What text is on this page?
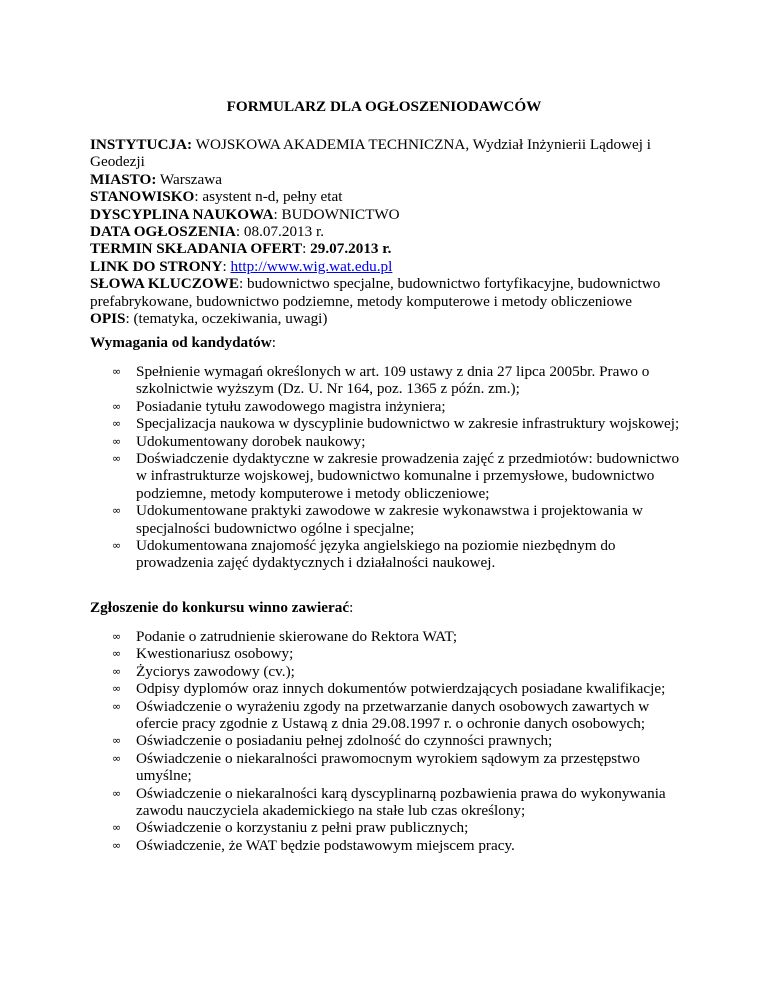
FORMULARZ DLA OGŁOSZENIODAWCÓW

INSTYTUCJA: WOJSKOWA AKADEMIA TECHNICZNA, Wydział Inżynierii Lądowej i Geodezji

MIASTO: Warszawa

STANOWISKO: asystent n-d, pełny etat

DYSCYPLINA NAUKOWA: BUDOWNICTWO

DATA OGŁOSZENIA: 08.07.2013 r.

TERMIN SKŁADANIA OFERT: 29.07.2013 r.

LINK DO STRONY: http://www.wig.wat.edu.pl

SŁOWA KLUCZOWE: budownictwo specjalne, budownictwo fortyfikacyjne, budownictwo prefabrykowane, budownictwo podziemne, metody komputerowe i metody obliczeniowe

OPIS: (tematyka, oczekiwania, uwagi)

Wymagania od kandydatów:
∞ Spełnienie wymagań określonych w art. 109 ustawy z dnia 27 lipca 2005br. Prawo o szkolnictwie wyższym (Dz. U. Nr 164, poz. 1365 z późn. zm.);
∞ Posiadanie tytułu zawodowego magistra inżyniera;
∞ Specjalizacja naukowa w dyscyplinie budownictwo w zakresie infrastruktury wojskowej;
∞ Udokumentowany dorobek naukowy;
∞ Doświadczenie dydaktyczne w zakresie prowadzenia zajęć z przedmiotów: budownictwo w infrastrukturze wojskowej, budownictwo komunalne i przemysłowe, budownictwo podziemne, metody komputerowe i metody obliczeniowe;
∞ Udokumentowane praktyki zawodowe w zakresie wykonawstwa i projektowania w specjalności budownictwo ogólne i specjalne;
∞ Udokumentowana znajomość języka angielskiego na poziomie niezbędnym do prowadzenia zajęć dydaktycznych i działalności naukowej.
Zgłoszenie do konkursu winno zawierać:
∞ Podanie o zatrudnienie skierowane do Rektora WAT;
∞ Kwestionariusz osobowy;
∞ Życiorys zawodowy (cv.);
∞ Odpisy dyplomów oraz innych dokumentów potwierdzających posiadane kwalifikacje;
∞ Oświadczenie o wyrażeniu zgody na przetwarzanie danych osobowych zawartych w ofercie pracy zgodnie z Ustawą z dnia 29.08.1997 r. o ochronie danych osobowych;
∞ Oświadczenie o posiadaniu pełnej zdolność do czynności prawnych;
∞ Oświadczenie o niekaralności prawomocnym wyrokiem sądowym za przestępstwo umyślne;
∞ Oświadczenie o niekaralności karą dyscyplinarną pozbawienia prawa do wykonywania zawodu nauczyciela akademickiego na stałe lub czas określony;
∞ Oświadczenie o korzystaniu z pełni praw publicznych;
∞ Oświadczenie, że WAT będzie podstawowym miejscem pracy.
